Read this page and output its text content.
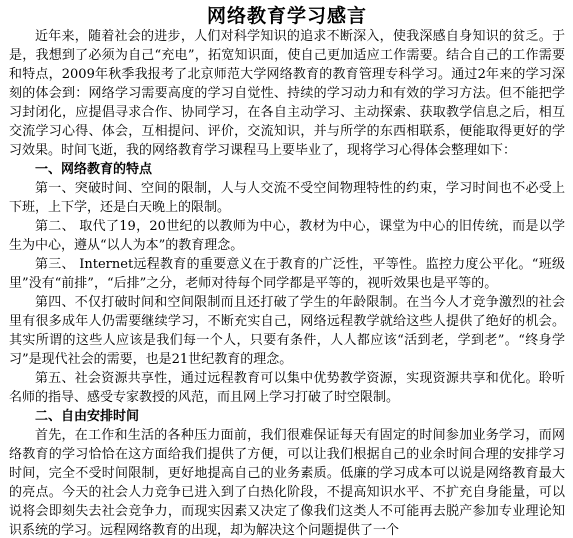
网络教育学习感言

近年来，随着社会的进步，人们对科学知识的追求不断深入，使我深感自身知识的贫乏。于是，我想到了必须为自己“充电”，拓宽知识面，使自己更加适应工作需要。结合自己的工作需要和特点，2009年秋季我报考了北京师范大学网络教育的教育管理专科学习。通过2年来的学习深刻的体会到：网络学习需要高度的学习自觉性、持续的学习动力和有效的学习方法。但不能把学习封闭化，应提倡寻求合作、协同学习，在各自主动学习、主动探索、获取教学信息之后，相互交流学习心得、体会，互相提问、评价，交流知识，并与所学的东西相联系，便能取得更好的学习效果。时间飞逝，我的网络教育学习课程马上要毕业了，现将学习心得体会整理如下：

一、网络教育的特点

第一、突破时间、空间的限制，人与人交流不受空间物理特性的约束，学习时间也不必受上下班，上下学，还是白天晚上的限制。

第二、 取代了19，20世纪的以教师为中心，教材为中心，课堂为中心的旧传统，而是以学生为中心，遵从“以人为本”的教育理念。

第三、 Internet远程教育的重要意义在于教育的广泛性，平等性。监控力度公平化。“班级里”没有“前排”，“后排”之分，老师对待每个同学都是平等的，视听效果也是平等的。

第四、不仅打破时间和空间限制而且还打破了学生的年龄限制。在当今人才竞争激烈的社会里有很多成年人仍需要继续学习，不断充实自己，网络远程教学就给这些人提供了绝好的机会。其实所谓的这些人应该是我们每一个人，只要有条件，人人都应该“活到老，学到老”。“终身学习”是现代社会的需要，也是21世纪教育的理念。

第五、社会资源共享性，通过远程教育可以集中优势教学资源，实现资源共享和优化。聆听名师的指导、感受专家教授的风范，而且网上学习打破了时空限制。

二、自由安排时间

首先，在工作和生活的各种压力面前，我们很难保证每天有固定的时间参加业务学习，而网络教育的学习恰恰在这方面给我们提供了方便，可以让我们根据自己的业余时间合理的安排学习时间，完全不受时间限制，更好地提高自己的业务素质。低廉的学习成本可以说是网络教育最大的亮点。今天的社会人力竞争已进入到了白热化阶段，不提高知识水平、不扩充自身能量，可以说将会即刻失去社会竞争力，而现实因素又决定了像我们这类人不可能再去脱产参加专业理论知识系统的学习。远程网络教育的出现，却为解决这个问题提供了一个
